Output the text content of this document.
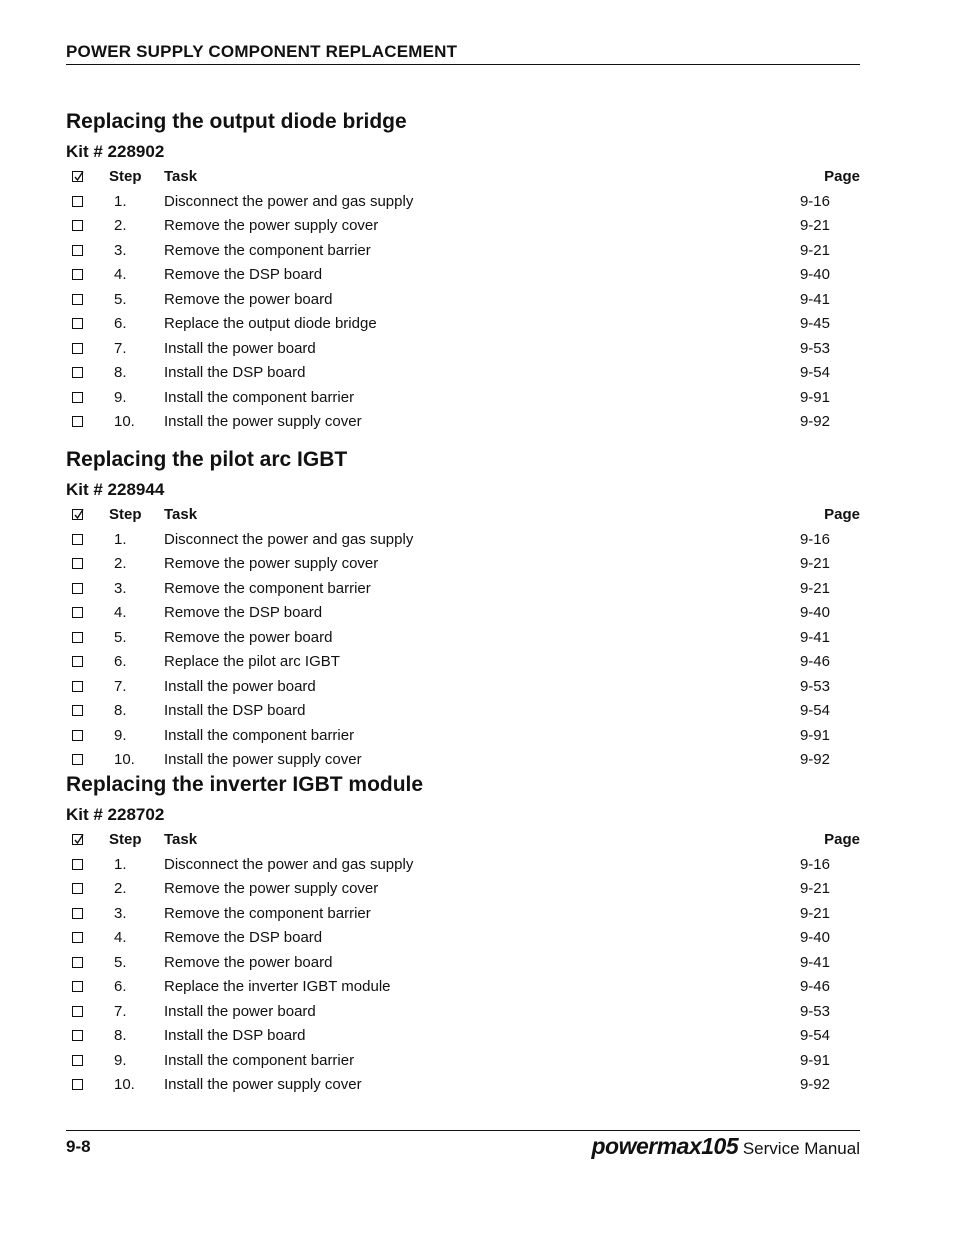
POWER SUPPLY COMPONENT REPLACEMENT
Replacing the output diode bridge
Kit # 228902
Step Task	Page
1. Disconnect the power and gas supply	9-16
2. Remove the power supply cover	9-21
3. Remove the component barrier	9-21
4. Remove the DSP board	9-40
5. Remove the power board	9-41
6. Replace the output diode bridge	9-45
7. Install the power board	9-53
8. Install the DSP board	9-54
9. Install the component barrier	9-91
10. Install the power supply cover	9-92
Replacing the pilot arc IGBT
Kit # 228944
Step Task	Page
1. Disconnect the power and gas supply	9-16
2. Remove the power supply cover	9-21
3. Remove the component barrier	9-21
4. Remove the DSP board	9-40
5. Remove the power board	9-41
6. Replace the pilot arc IGBT	9-46
7. Install the power board	9-53
8. Install the DSP board	9-54
9. Install the component barrier	9-91
10. Install the power supply cover	9-92
Replacing the inverter IGBT module
Kit # 228702
Step Task	Page
1. Disconnect the power and gas supply	9-16
2. Remove the power supply cover	9-21
3. Remove the component barrier	9-21
4. Remove the DSP board	9-40
5. Remove the power board	9-41
6. Replace the inverter IGBT module	9-46
7. Install the power board	9-53
8. Install the DSP board	9-54
9. Install the component barrier	9-91
10. Install the power supply cover	9-92
9-8	powermax105 Service Manual
